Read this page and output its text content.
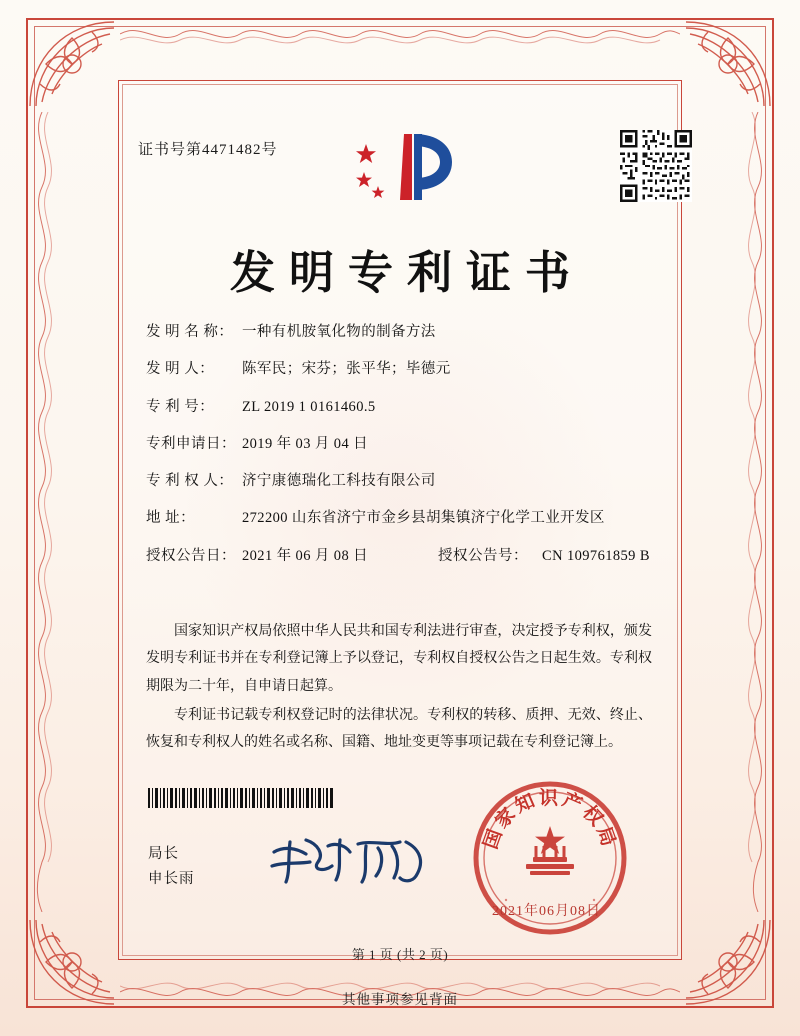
证书号第4471482号
发明专利证书
发 明 名 称： 一种有机胺氧化物的制备方法
发 明 人：	陈军民；宋芬；张平华；毕德元
专 利 号：	ZL 2019 1 0161460.5
专利申请日： 2019 年 03 月 04 日
专 利 权 人： 济宁康德瑞化工科技有限公司
地 址：	272200 山东省济宁市金乡县胡集镇济宁化学工业开发区
授权公告日： 2021 年 06 月 08 日	授权公告号： CN 109761859 B

国家知识产权局依照中华人民共和国专利法进行审查，决定授予专利权，颁发发明专利证书并在专利登记簿上予以登记，专利权自授权公告之日起生效。专利权期限为二十年，自申请日起算。

专利证书记载专利权登记时的法律状况。专利权的转移、质押、无效、终止、恢复和专利权人的姓名或名称、国籍、地址变更等事项记载在专利登记簿上。

局长
申长雨
国家知识产权局
2021年06月08日
第 1 页 (共 2 页)
其他事项参见背面
